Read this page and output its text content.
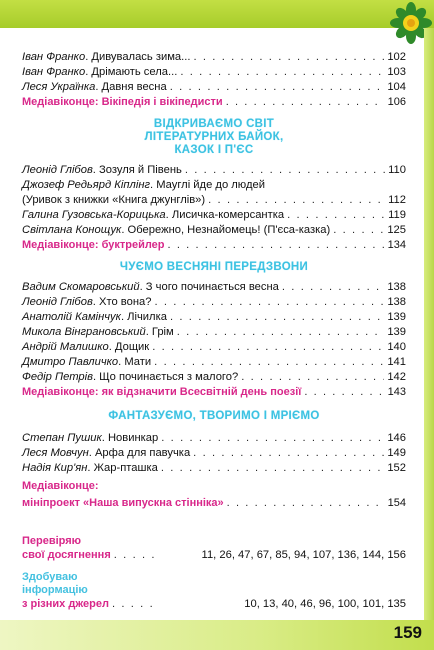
Іван Франко. Дивувалась зима... . . .	102
Іван Франко. Дрімають села... . . .	103
Леся Українка. Давня весна . . .	104
Медіавіконце: Вікіпедія і вікіпедисти . . .	106
ВІДКРИВАЄМО СВІТ
ЛІТЕРАТУРНИХ БАЙОК,
КАЗОК І П'ЄС
Леонід Глібов. Зозуля й Півень . . .	110
Джозеф Редьярд Кіплінг. Мауглі йде до людей
(Уривок з книжки «Книга джунглів») . . .	112
Галина Гузовська-Корицька. Лисичка-комерсантка . . .	119
Світлана Конощук. Обережно, Незнайомець! (П'єса-казка) . . .	125
Медіавіконце: буктрейлер . . .	134
ЧУЄМО ВЕСНЯНІ ПЕРЕДЗВОНИ
Вадим Скомаровський. З чого починається весна . . .	138
Леонід Глібов. Хто вона? . . .	138
Анатолій Камінчук. Лічилка . . .	139
Микола Вінграновський. Грім . . .	139
Андрій Малишко. Дощик . . .	140
Дмитро Павличко. Мати . . .	141
Федір Петрів. Що починається з малого? . . .	142
Медіавіконце: як відзначити Всесвітній день поезії . . .	143
ФАНТАЗУЄМО, ТВОРИМО І МРІЄМО
Степан Пушик. Новинкар . . .	146
Леся Мовчун. Арфа для павучка . . .	149
Надія Кир'ян. Жар-пташка . . .	152
Медіавіконце:
мініпроект «Наша випускна стінніка» . . .	154
Перевіряю
свої досягнення . . .	11, 26, 47, 67, 85, 94, 107, 136, 144, 156
Здобуваю
інформацію
з різних джерел . . .	10, 13, 40, 46, 96, 100, 101, 135
159
